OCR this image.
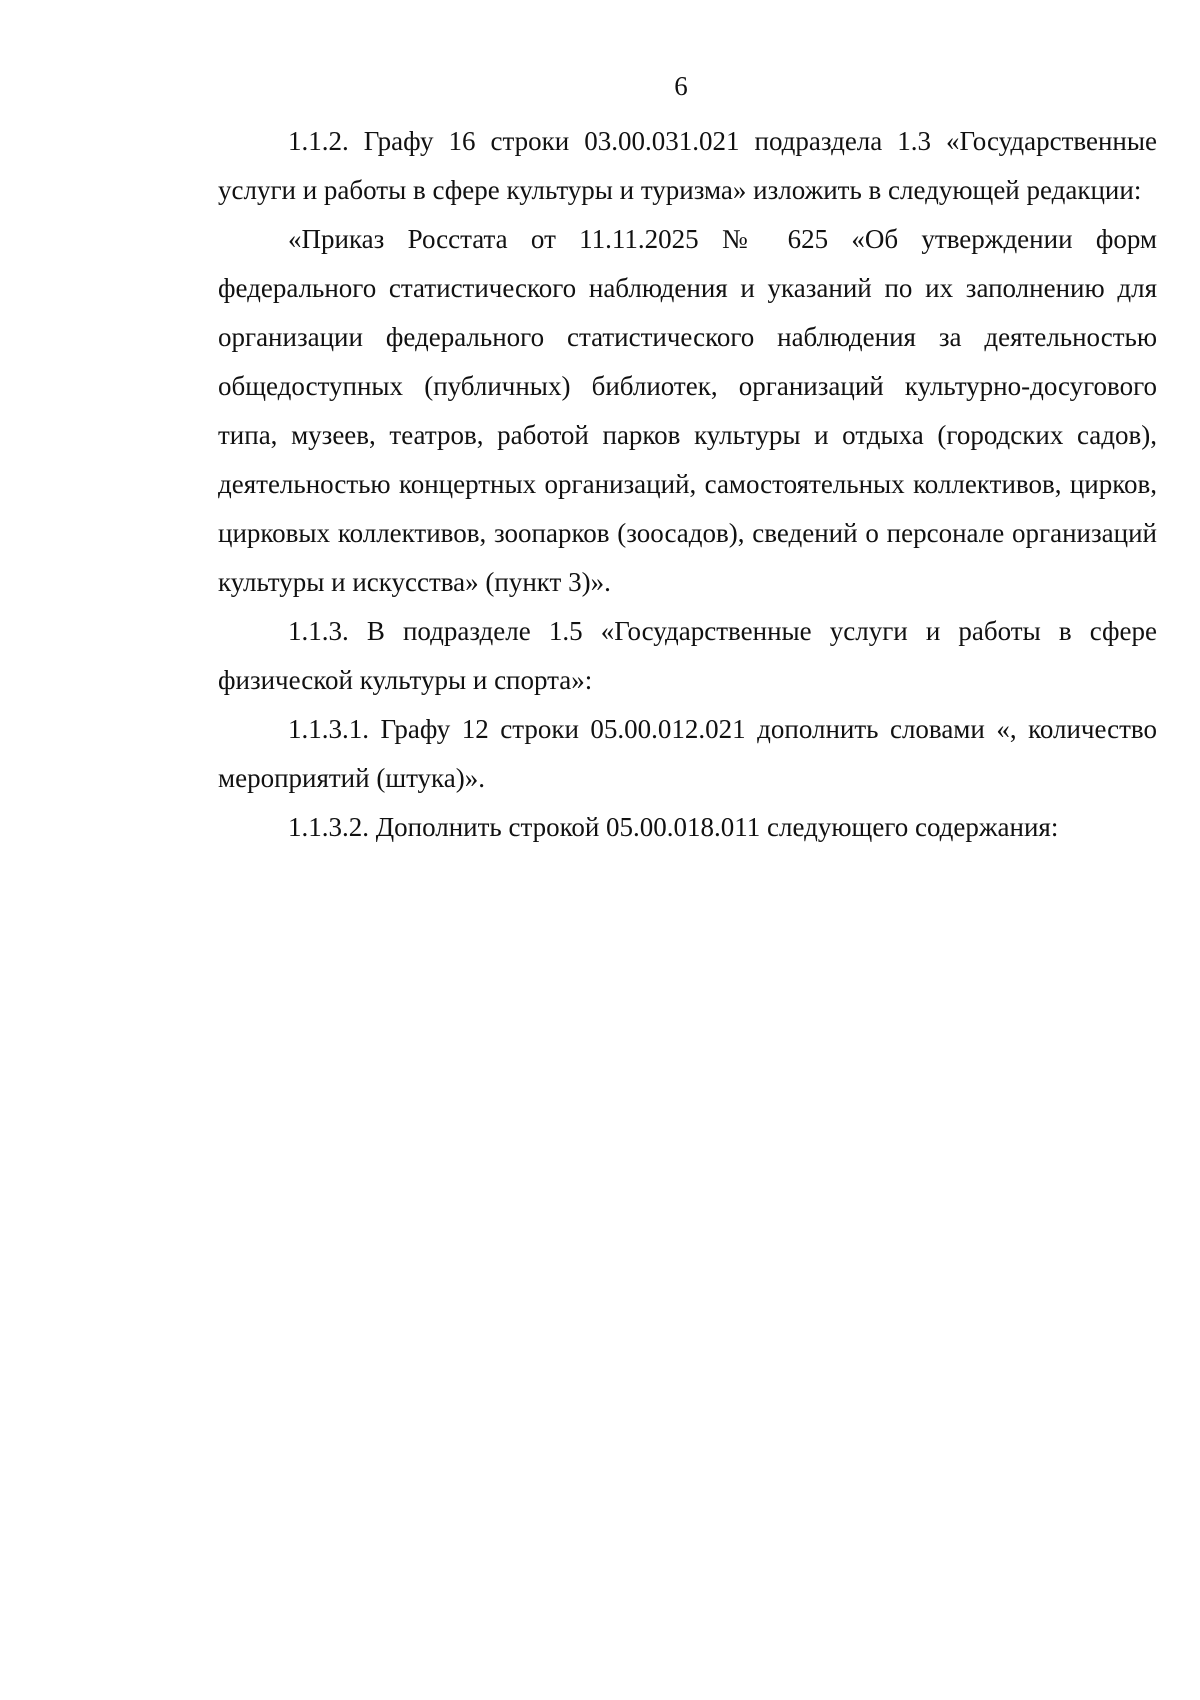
6

1.1.2. Графу 16 строки 03.00.031.021 подраздела 1.3 «Государственные услуги и работы в сфере культуры и туризма» изложить в следующей редакции:

«Приказ Росстата от 11.11.2025 № 625 «Об утверждении форм федерального статистического наблюдения и указаний по их заполнению для организации федерального статистического наблюдения за деятельностью общедоступных (публичных) библиотек, организаций культурно-досугового типа, музеев, театров, работой парков культуры и отдыха (городских садов), деятельностью концертных организаций, самостоятельных коллективов, цирков, цирковых коллективов, зоопарков (зоосадов), сведений о персонале организаций культуры и искусства» (пункт 3)».

1.1.3. В подразделе 1.5 «Государственные услуги и работы в сфере физической культуры и спорта»:

1.1.3.1. Графу 12 строки 05.00.012.021 дополнить словами «, количество мероприятий (штука)».

1.1.3.2. Дополнить строкой 05.00.018.011 следующего содержания:
